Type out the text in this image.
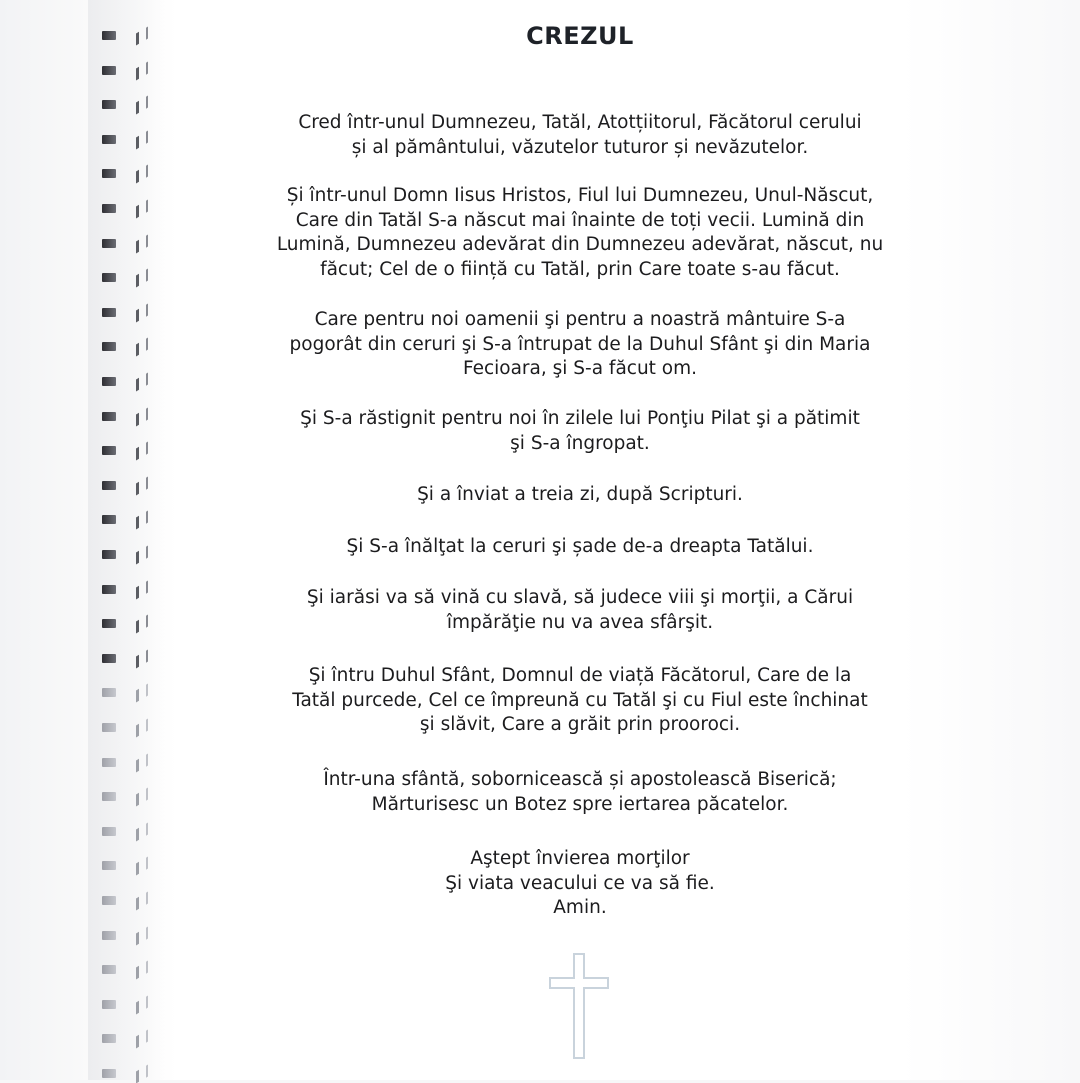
CREZUL

Cred într-unul Dumnezeu, Tatăl, Atotțiitorul, Făcătorul cerului
și al pământului, văzutelor tuturor și nevăzutelor.

Și într-unul Domn Iisus Hristos, Fiul lui Dumnezeu, Unul-Născut,
Care din Tatăl S-a născut mai înainte de toți vecii. Lumină din
Lumină, Dumnezeu adevărat din Dumnezeu adevărat, născut, nu
făcut; Cel de o ființă cu Tatăl, prin Care toate s-au făcut.

Care pentru noi oamenii şi pentru a noastră mântuire S-a
pogorât din ceruri şi S-a întrupat de la Duhul Sfânt şi din Maria
Fecioara, şi S-a făcut om.

Şi S-a răstignit pentru noi în zilele lui Ponţiu Pilat şi a pătimit
şi S-a îngropat.

Şi a înviat a treia zi, după Scripturi.

Şi S-a înălţat la ceruri şi șade de-a dreapta Tatălui.

Şi iarăsi va să vină cu slavă, să judece viii şi morţii, a Cărui
împărăţie nu va avea sfârşit.

Şi întru Duhul Sfânt, Domnul de viață Făcătorul, Care de la
Tatăl purcede, Cel ce împreună cu Tatăl şi cu Fiul este închinat
şi slăvit, Care a grăit prin prooroci.

Într-una sfântă, sobornicească și apostolească Biserică;
Mărturisesc un Botez spre iertarea păcatelor.

Aştept învierea morţilor
Şi viata veacului ce va să fie.
Amin.
